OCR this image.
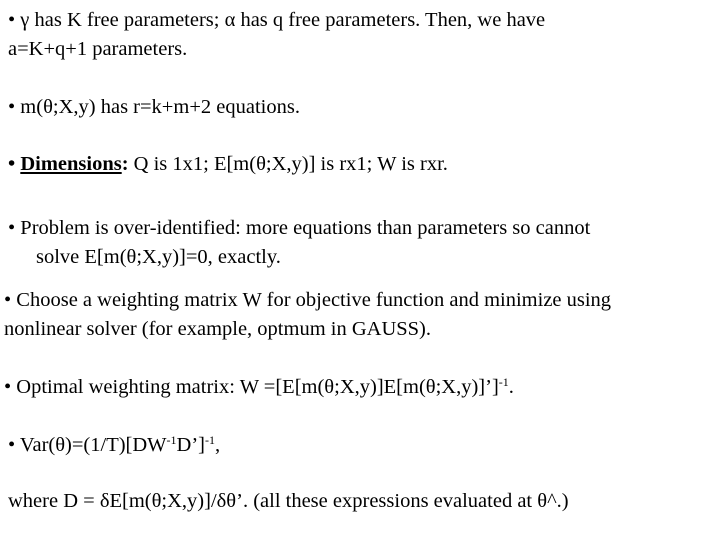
• γ has K free parameters; α has q free parameters. Then, we have
a=K+q+1 parameters.
• m(θ;X,y) has r=k+m+2 equations.
• Dimensions: Q is 1x1; E[m(θ;X,y)] is rx1; W is rxr.
• Problem is over-identified: more equations than parameters so cannot
solve E[m(θ;X,y)]=0, exactly.
• Choose a weighting matrix W for objective function and minimize using
nonlinear solver (for example, optmum in GAUSS).
• Optimal weighting matrix: W =[E[m(θ;X,y)]E[m(θ;X,y)]’]$^{-1}$.
• $Var(\theta)=(1/T)[DW^{-1}D’]^{-1}$,
where D = δE[m(θ;X,y)]/δθ’. (all these expressions evaluated at θ^.)
